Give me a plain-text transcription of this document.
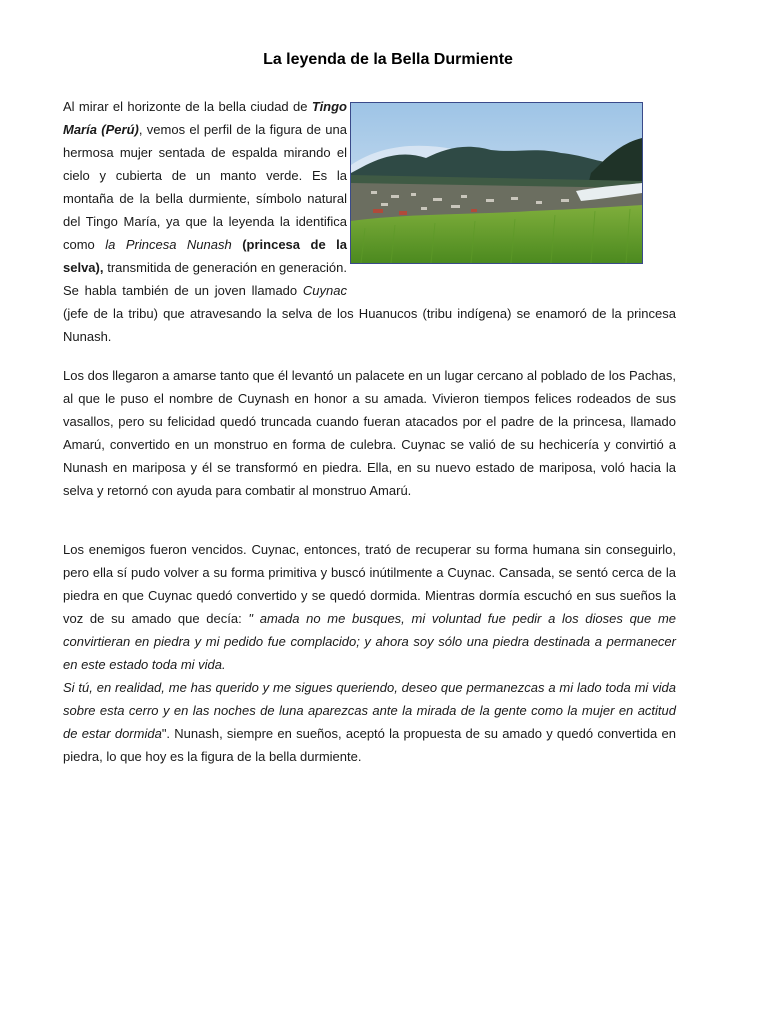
La leyenda de la Bella Durmiente

Al mirar el horizonte de la bella ciudad de Tingo María (Perú), vemos el perfil de la figura de una hermosa mujer sentada de espalda mirando el cielo y cubierta de un manto verde. Es la montaña de la bella durmiente, símbolo natural del Tingo María, ya que la leyenda la identifica como la Princesa Nunash (princesa de la selva), transmitida de generación en generación. Se habla también de un joven llamado Cuynac (jefe de la tribu) que atravesando la selva de los Huanucos (tribu indígena) se enamoró de la princesa Nunash.

Los dos llegaron a amarse tanto que él levantó un palacete en un lugar cercano al poblado de los Pachas, al que le puso el nombre de Cuynash en honor a su amada. Vivieron tiempos felices rodeados de sus vasallos, pero su felicidad quedó truncada cuando fueran atacados por el padre de la princesa, llamado Amarú, convertido en un monstruo en forma de culebra. Cuynac se valió de su hechicería y convirtió a Nunash en mariposa y él se transformó en piedra. Ella, en su nuevo estado de mariposa, voló hacia la selva y retornó con ayuda para combatir al monstruo Amarú.

Los enemigos fueron vencidos. Cuynac, entonces, trató de recuperar su forma humana sin conseguirlo, pero ella sí pudo volver a su forma primitiva y buscó inútilmente a Cuynac. Cansada, se sentó cerca de la piedra en que Cuynac quedó convertido y se quedó dormida. Mientras dormía escuchó en sus sueños la voz de su amado que decía: " amada no me busques, mi voluntad fue pedir a los dioses que me convirtieran en piedra y mi pedido fue complacido; y ahora soy sólo una piedra destinada a permanecer en este estado toda mi vida.
Si tú, en realidad, me has querido y me sigues queriendo, deseo que permanezcas a mi lado toda mi vida sobre esta cerro y en las noches de luna aparezcas ante la mirada de la gente como la mujer en actitud de estar dormida". Nunash, siempre en sueños, aceptó la propuesta de su amado y quedó convertida en piedra, lo que hoy es la figura de la bella durmiente.
